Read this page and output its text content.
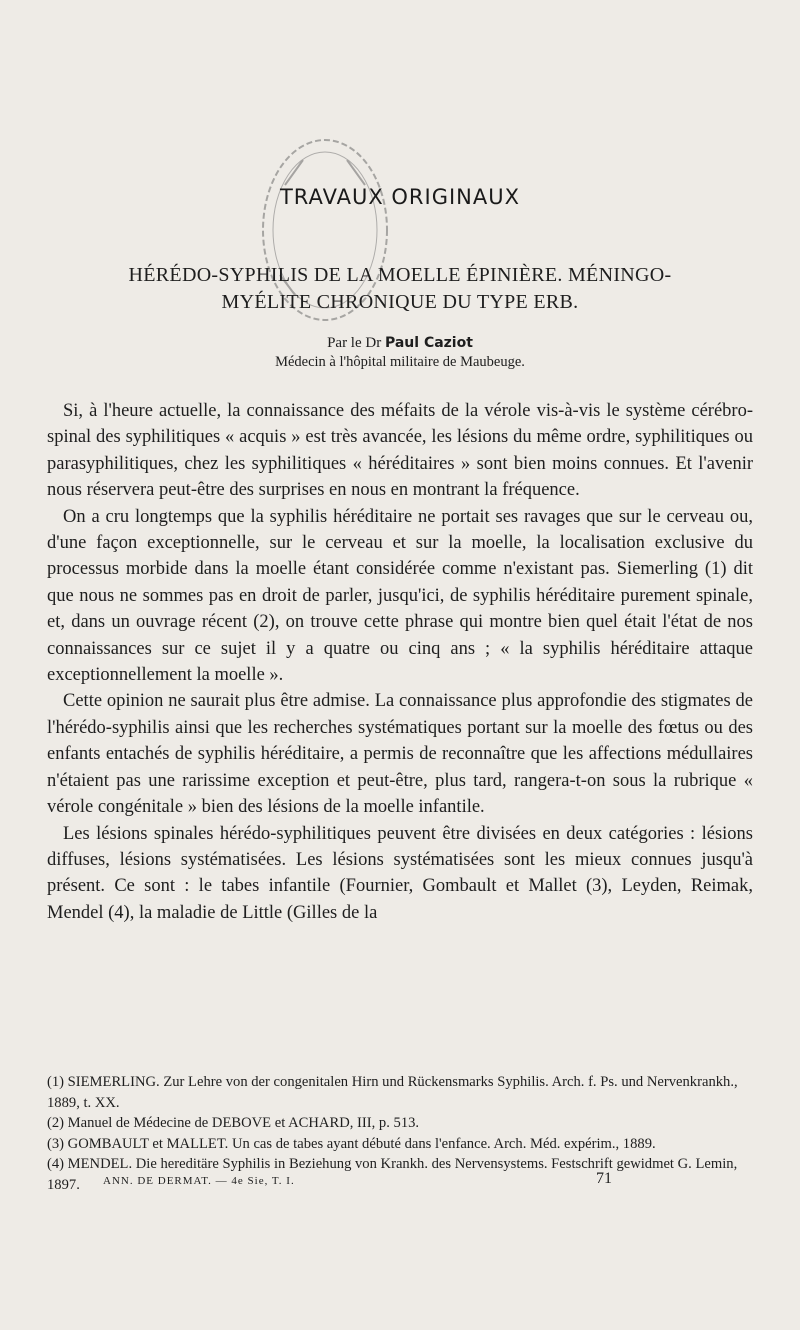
TRAVAUX ORIGINAUX
HÉRÉDO-SYPHILIS DE LA MOELLE ÉPINIÈRE. MÉNINGO-
MYÉLITE CHRONIQUE DU TYPE ERB.
Par le Dr Paul Caziot
Médecin à l'hôpital militaire de Maubeuge.

Si, à l'heure actuelle, la connaissance des méfaits de la vérole vis-à-vis le système cérébro-spinal des syphilitiques « acquis » est très avancée, les lésions du même ordre, syphilitiques ou parasyphilitiques, chez les syphilitiques « héréditaires » sont bien moins connues. Et l'avenir nous réservera peut-être des surprises en nous en montrant la fréquence.

On a cru longtemps que la syphilis héréditaire ne portait ses ravages que sur le cerveau ou, d'une façon exceptionnelle, sur le cerveau et sur la moelle, la localisation exclusive du processus morbide dans la moelle étant considérée comme n'existant pas. Siemerling (1) dit que nous ne sommes pas en droit de parler, jusqu'ici, de syphilis héréditaire purement spinale, et, dans un ouvrage récent (2), on trouve cette phrase qui montre bien quel était l'état de nos connaissances sur ce sujet il y a quatre ou cinq ans ; « la syphilis héréditaire attaque exceptionnellement la moelle ».

Cette opinion ne saurait plus être admise. La connaissance plus approfondie des stigmates de l'hérédo-syphilis ainsi que les recherches systématiques portant sur la moelle des fœtus ou des enfants entachés de syphilis héréditaire, a permis de reconnaître que les affections médullaires n'étaient pas une rarissime exception et peut-être, plus tard, rangera-t-on sous la rubrique « vérole congénitale » bien des lésions de la moelle infantile.

Les lésions spinales hérédo-syphilitiques peuvent être divisées en deux catégories : lésions diffuses, lésions systématisées. Les lésions systématisées sont les mieux connues jusqu'à présent. Ce sont : le tabes infantile (Fournier, Gombault et Mallet (3), Leyden, Reimak, Mendel (4), la maladie de Little (Gilles de la

(1) SIEMERLING. Zur Lehre von der congenitalen Hirn und Rückensmarks Syphilis. Arch. f. Ps. und Nervenkrankh., 1889, t. XX.
(2) Manuel de Médecine de DEBOVE et ACHARD, III, p. 513.
(3) GOMBAULT et MALLET. Un cas de tabes ayant débuté dans l'enfance. Arch. Méd. expérim., 1889.
(4) MENDEL. Die hereditäre Syphilis in Beziehung von Krankh. des Nervensystems. Festschrift gewidmet G. Lemin, 1897.	ANN. DE DERMAT. — 4e Sie, T. I.	71
